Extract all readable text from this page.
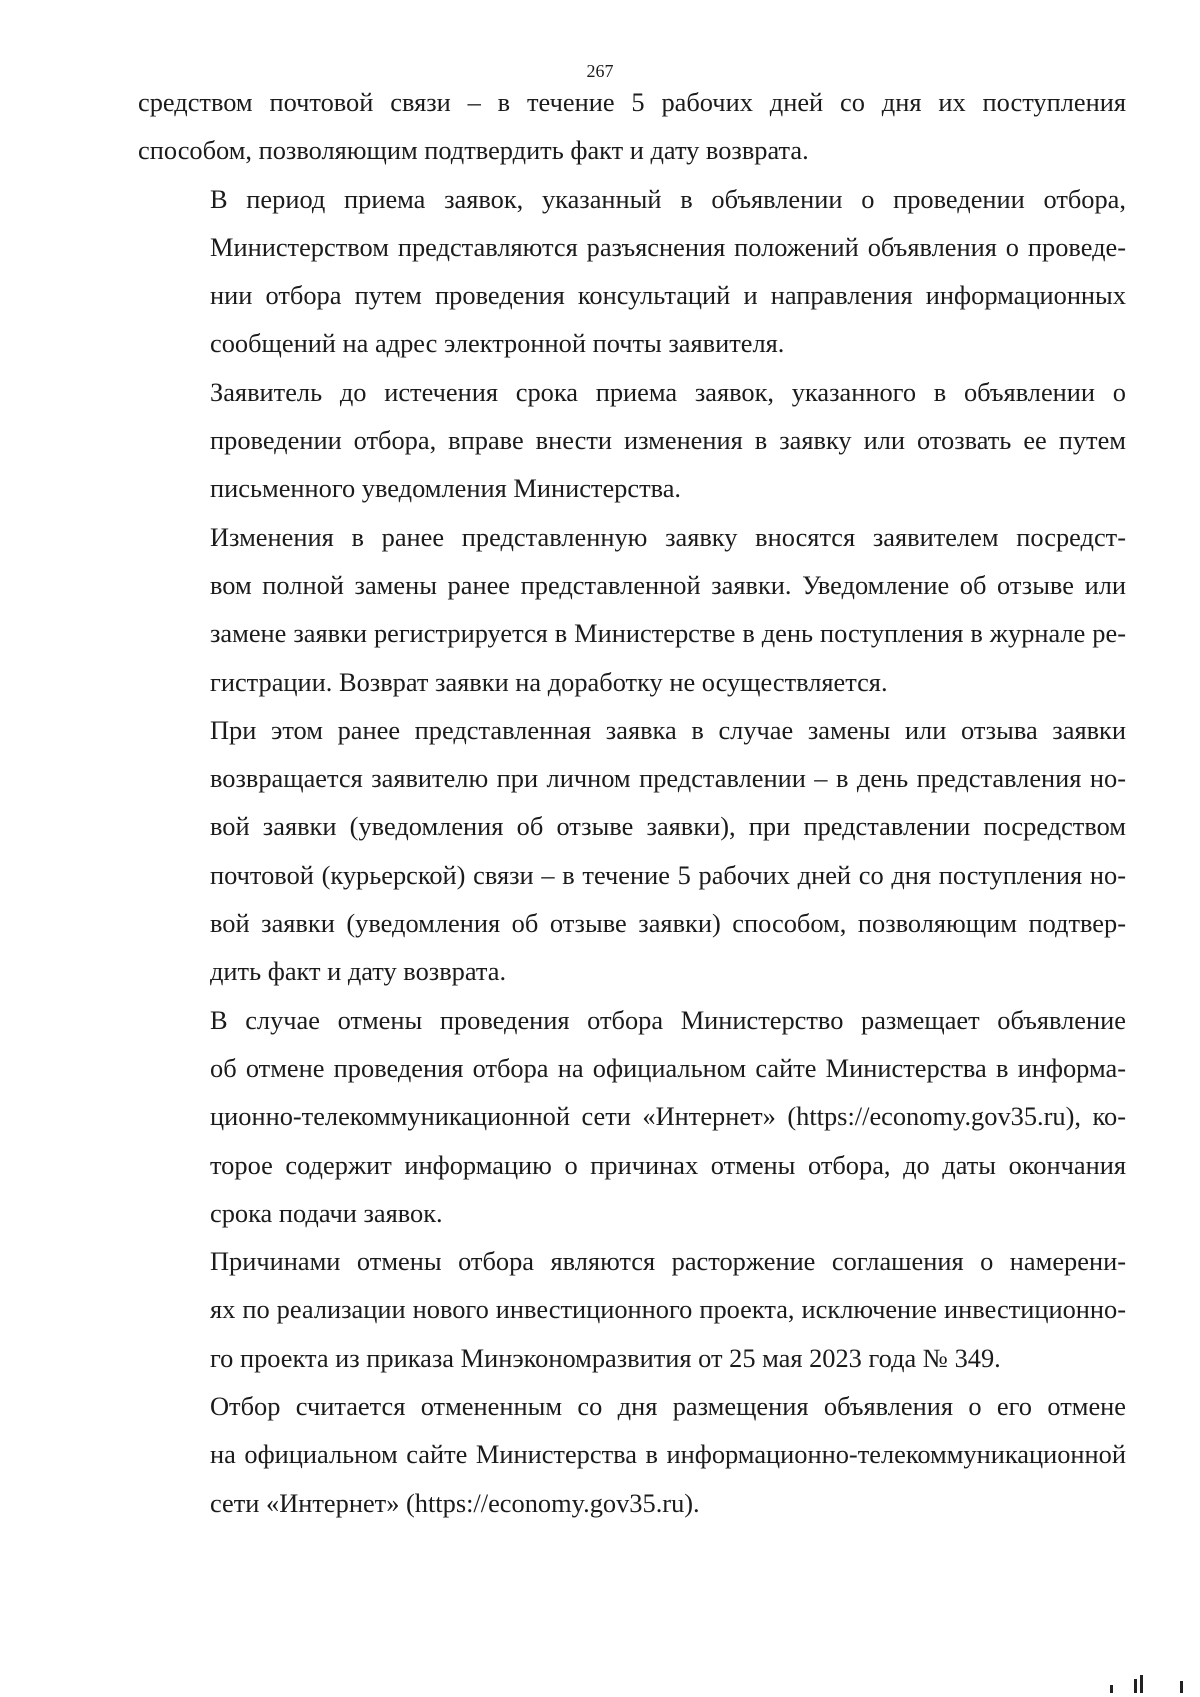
267

средством почтовой связи – в течение 5 рабочих дней со дня их поступления
способом, позволяющим подтвердить факт и дату возврата.

В период приема заявок, указанный в объявлении о проведении отбора,
Министерством представляются разъяснения положений объявления о проведе-
нии отбора путем проведения консультаций и направления информационных
сообщений на адрес электронной почты заявителя.

Заявитель до истечения срока приема заявок, указанного в объявлении о
проведении отбора, вправе внести изменения в заявку или отозвать ее путем
письменного уведомления Министерства.

Изменения в ранее представленную заявку вносятся заявителем посредст-
вом полной замены ранее представленной заявки. Уведомление об отзыве или
замене заявки регистрируется в Министерстве в день поступления в журнале ре-
гистрации. Возврат заявки на доработку не осуществляется.

При этом ранее представленная заявка в случае замены или отзыва заявки
возвращается заявителю при личном представлении – в день представления но-
вой заявки (уведомления об отзыве заявки), при представлении посредством
почтовой (курьерской) связи – в течение 5 рабочих дней со дня поступления но-
вой заявки (уведомления об отзыве заявки) способом, позволяющим подтвер-
дить факт и дату возврата.

В случае отмены проведения отбора Министерство размещает объявление
об отмене проведения отбора на официальном сайте Министерства в информа-
ционно-телекоммуникационной сети «Интернет» (https://economy.gov35.ru), ко-
торое содержит информацию о причинах отмены отбора, до даты окончания
срока подачи заявок.

Причинами отмены отбора являются расторжение соглашения о намерени-
ях по реализации нового инвестиционного проекта, исключение инвестиционно-
го проекта из приказа Минэкономразвития от 25 мая 2023 года № 349.

Отбор считается отмененным со дня размещения объявления о его отмене
на официальном сайте Министерства в информационно-телекоммуникационной
сети «Интернет» (https://economy.gov35.ru).
